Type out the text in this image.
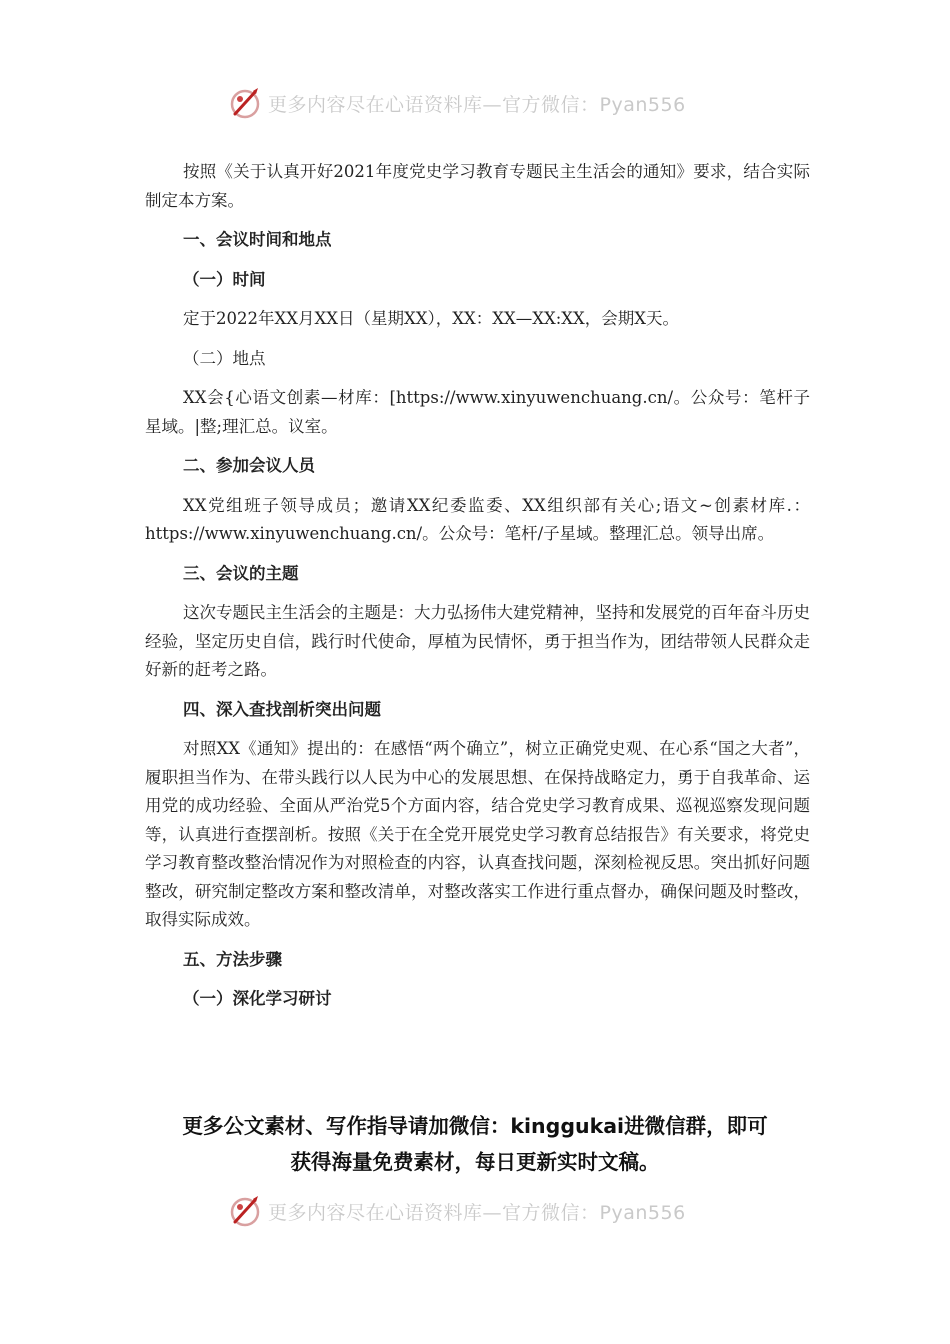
更多内容尽在心语资料库—官方微信：Pyan556

按照《关于认真开好2021年度党史学习教育专题民主生活会的通知》要求，结合实际制定本方案。

一、会议时间和地点

（一）时间

定于2022年XX月XX日（星期XX），XX：XX—XX:XX，会期X天。

（二）地点

XX会{心语文创素—材库：[https://www.xinyuwenchuang.cn/。公众号：笔杆子星域。|整;理汇总。议室。

二、参加会议人员

XX党组班子领导成员；邀请XX纪委监委、XX组织部有关心;语文~创素材库.：https://www.xinyuwenchuang.cn/。公众号：笔杆/子星域。整理汇总。领导出席。

三、会议的主题

这次专题民主生活会的主题是：大力弘扬伟大建党精神，坚持和发展党的百年奋斗历史经验，坚定历史自信，践行时代使命，厚植为民情怀，勇于担当作为，团结带领人民群众走好新的赶考之路。

四、深入查找剖析突出问题

对照XX《通知》提出的：在感悟“两个确立”，树立正确党史观、在心系“国之大者”，履职担当作为、在带头践行以人民为中心的发展思想、在保持战略定力，勇于自我革命、运用党的成功经验、全面从严治党5个方面内容，结合党史学习教育成果、巡视巡察发现问题等，认真进行查摆剖析。按照《关于在全党开展党史学习教育总结报告》有关要求，将党史学习教育整改整治情况作为对照检查的内容，认真查找问题，深刻检视反思。突出抓好问题整改，研究制定整改方案和整改清单，对整改落实工作进行重点督办，确保问题及时整改，取得实际成效。

五、方法步骤

（一）深化学习研讨

更多公文素材、写作指导请加微信：kinggukai进微信群，即可
获得海量免费素材，每日更新实时文稿。
更多内容尽在心语资料库—官方微信：Pyan556
